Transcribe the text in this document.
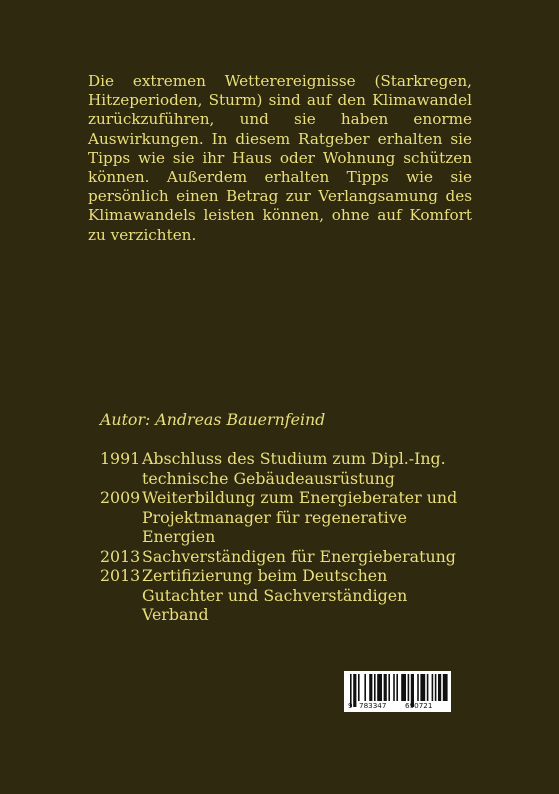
Die extremen Wetterereignisse (Starkregen, Hitzeperioden, Sturm) sind auf den Klimawandel zurückzuführen, und sie haben enorme Auswirkungen. In diesem Ratgeber erhalten sie Tipps wie sie ihr Haus oder Wohnung schützen können. Außerdem erhalten Tipps wie sie persönlich einen Betrag zur Verlangsamung des Klimawandels leisten können, ohne auf Komfort zu verzichten.

Autor: Andreas Bauernfeind

1991 Abschluss des Studium zum Dipl.-Ing. technische Gebäudeausrüstung
2009 Weiterbildung zum Energieberater und Projektmanager für regenerative Energien
2013 Sachverständigen für Energieberatung
2013 Zertifizierung beim Deutschen Gutachter und Sachverständigen Verband
9 783347	690721
